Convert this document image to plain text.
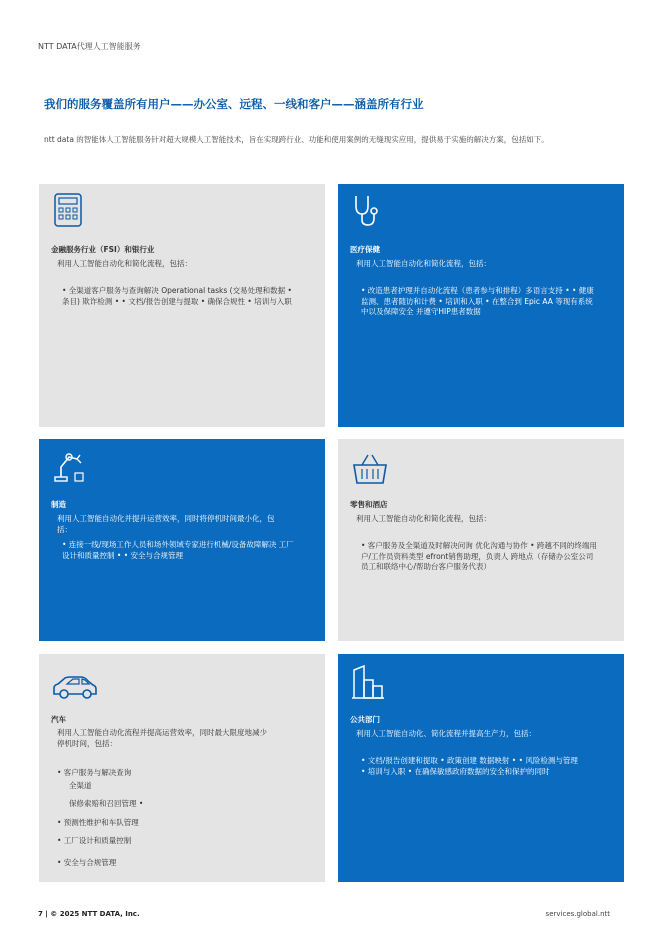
NTT DATA代理人工智能服务
我们的服务覆盖所有用户——办公室、远程、一线和客户——涵盖所有行业
ntt data 的智能体人工智能服务针对超大规模人工智能技术，旨在实现跨行业、功能和使用案例的无缝现实应用，提供易于实施的解决方案，包括如下。
金融服务行业（FSI）和银行业
利用人工智能自动化和简化流程，包括：
• 全渠道客户服务与查询解决 Operational tasks (交易处理和数据 • 条目) 欺诈检测 • • 文档/报告创建与提取 • 确保合规性 • 培训与入职
医疗保健
利用人工智能自动化和简化流程，包括：
• 改造患者护理并自动化流程（患者参与和排程）多语言支持 • • 健康监测、患者随访和计费 • 培训和入职 • 在整合到 Epic AA 等现有系统中以及保障安全 并遵守HIP患者数据
制造
利用人工智能自动化并提升运营效率，同时将停机时间最小化，包括：
• 连接一线/现场工作人员和场外领域专家进行机械/设备故障解决 工厂设计和质量控制 • • 安全与合规管理
零售和酒店
利用人工智能自动化和简化流程，包括：
• 客户服务及全渠道及时解决问询 优化沟通与协作 • 跨越不同的终端用户/工作员资料类型 efront销售助理，负责人 跨地点（存储办公室公司员工和联络中心/帮助台客户服务代表）
汽车
利用人工智能自动化流程并提高运营效率，同时最大限度地减少停机时间，包括：
• 客户服务与解决查询
全渠道
保修索赔和召回管理 •
• 预测性维护和车队管理
• 工厂设计和质量控制
• 安全与合规管理
公共部门
利用人工智能自动化、简化流程并提高生产力，包括：
• 文档/报告创建和提取 • 政策创建 数据映射 • • 风险检测与管理 • 培训与入职 • 在确保敏感政府数据的安全和保护的同时
7 | © 2025 NTT DATA, Inc.	services.global.ntt
